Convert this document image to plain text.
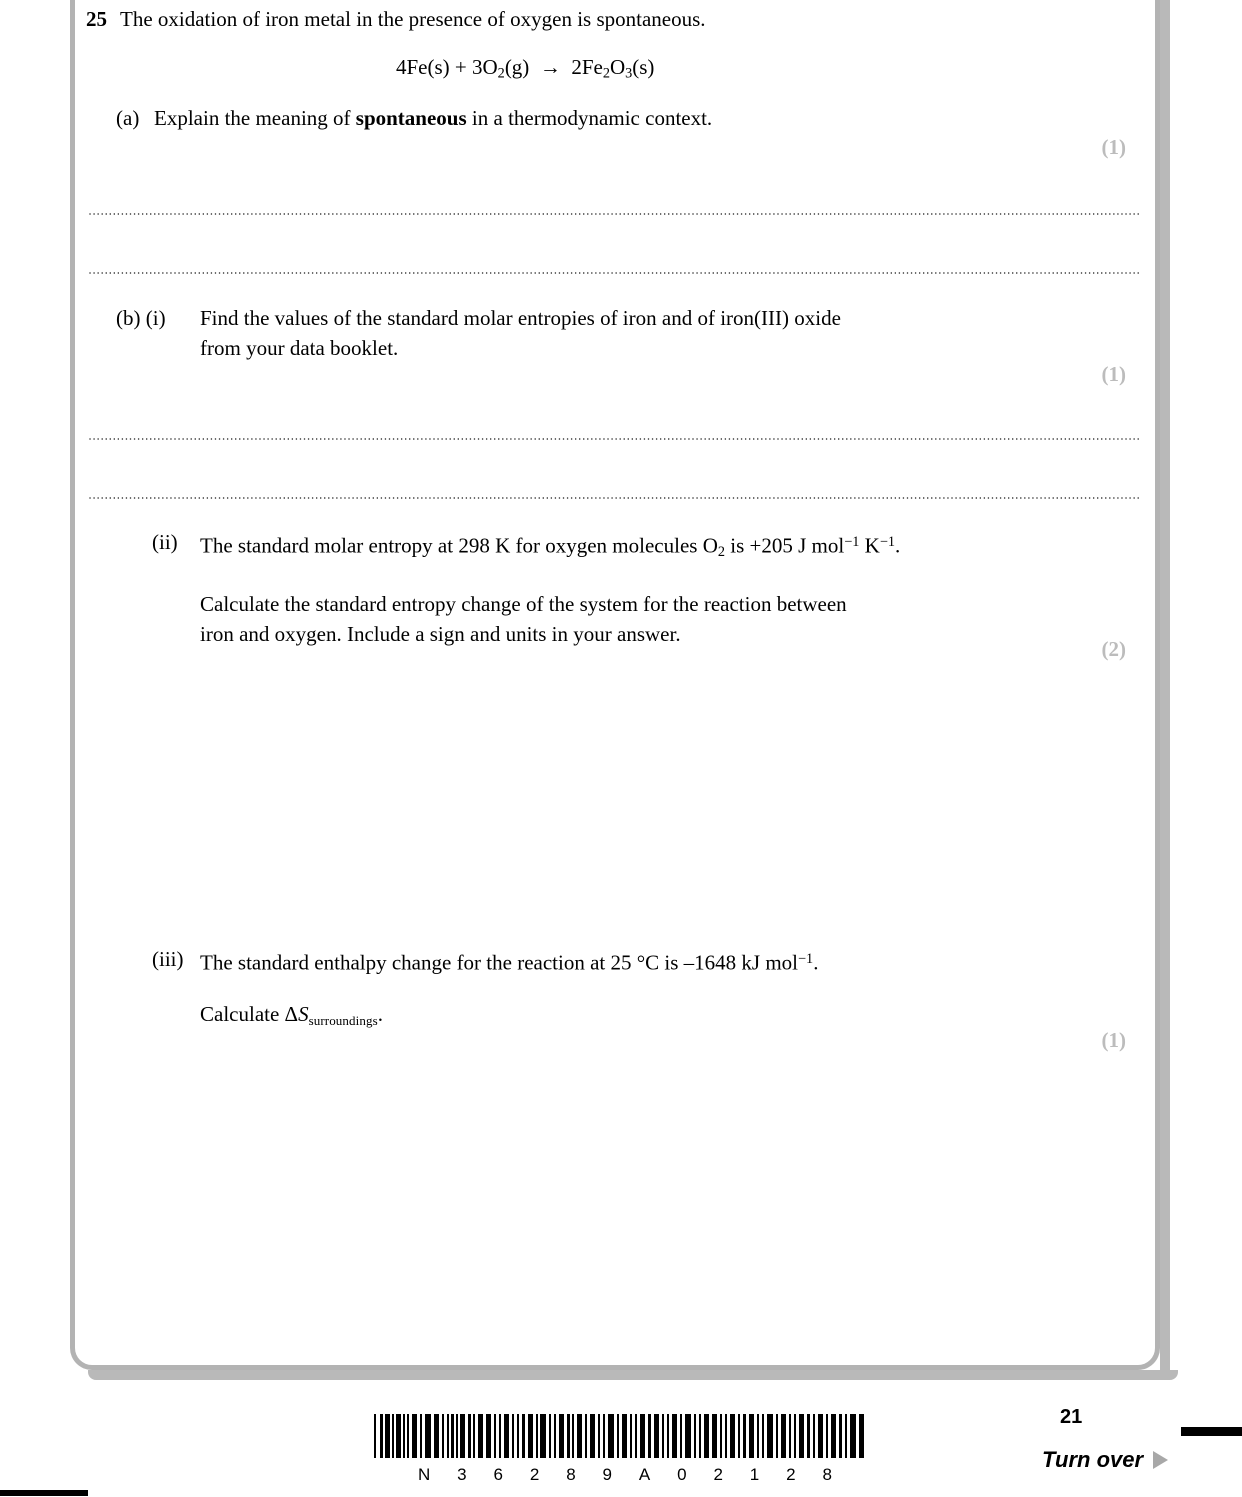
25 The oxidation of iron metal in the presence of oxygen is spontaneous.
$4Fe(s) + 3O_2(g) \to 2Fe_2O_3(s)$
(a) Explain the meaning of spontaneous in a thermodynamic context.
(1)
(b) (i)	Find the values of the standard molar entropies of iron and of iron(III) oxide
from your data booklet.
(1)
(ii)	The standard molar entropy at 298 K for oxygen molecules $O_2$ is +205 J mol$^{-1}$ $K^{-1}$.
Calculate the standard entropy change of the system for the reaction between
iron and oxygen. Include a sign and units in your answer.
(2)
(iii) The standard enthalpy change for the reaction at 25 °C is –1648 kJ mol$^{-1}$.
Calculate ΔSsurroundings.
(1)
N 3 6 2 8 9 A 0 2 1 2 8
21
Turn over
